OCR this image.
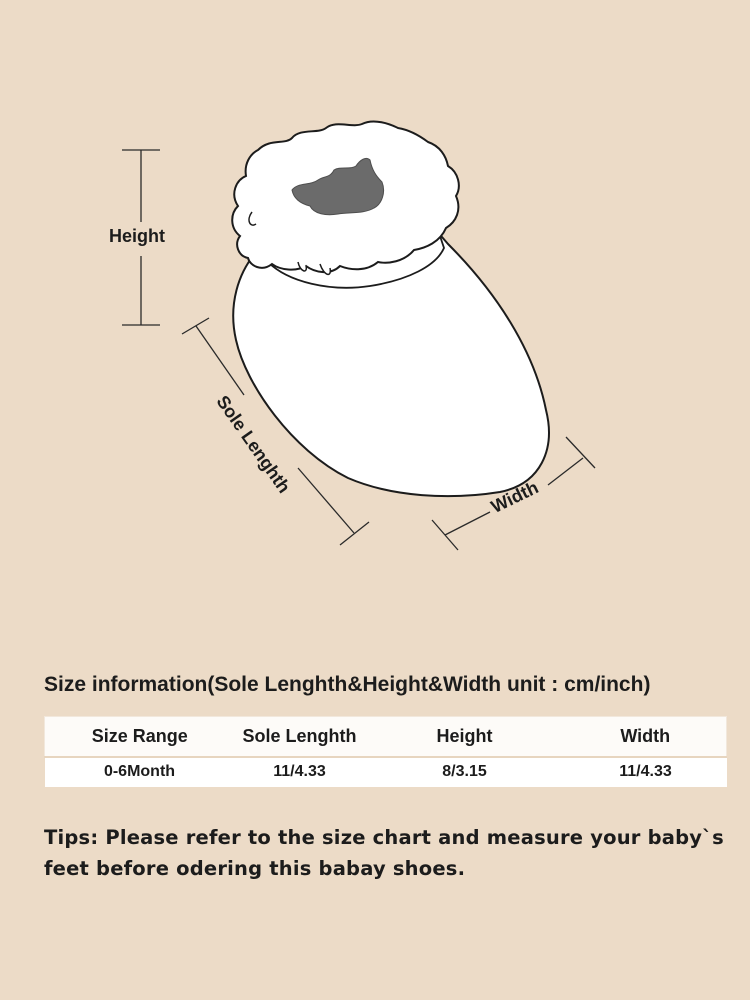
Height
Sole Lenghth
Width
Size information(Sole Lenghth&Height&Width unit : cm/inch)
Size Range	Sole Lenghth	Height	Width
0-6Month	11/4.33	8/3.15	11/4.33
Tips: Please refer to the size chart and measure your baby`s feet before odering this babay shoes.
